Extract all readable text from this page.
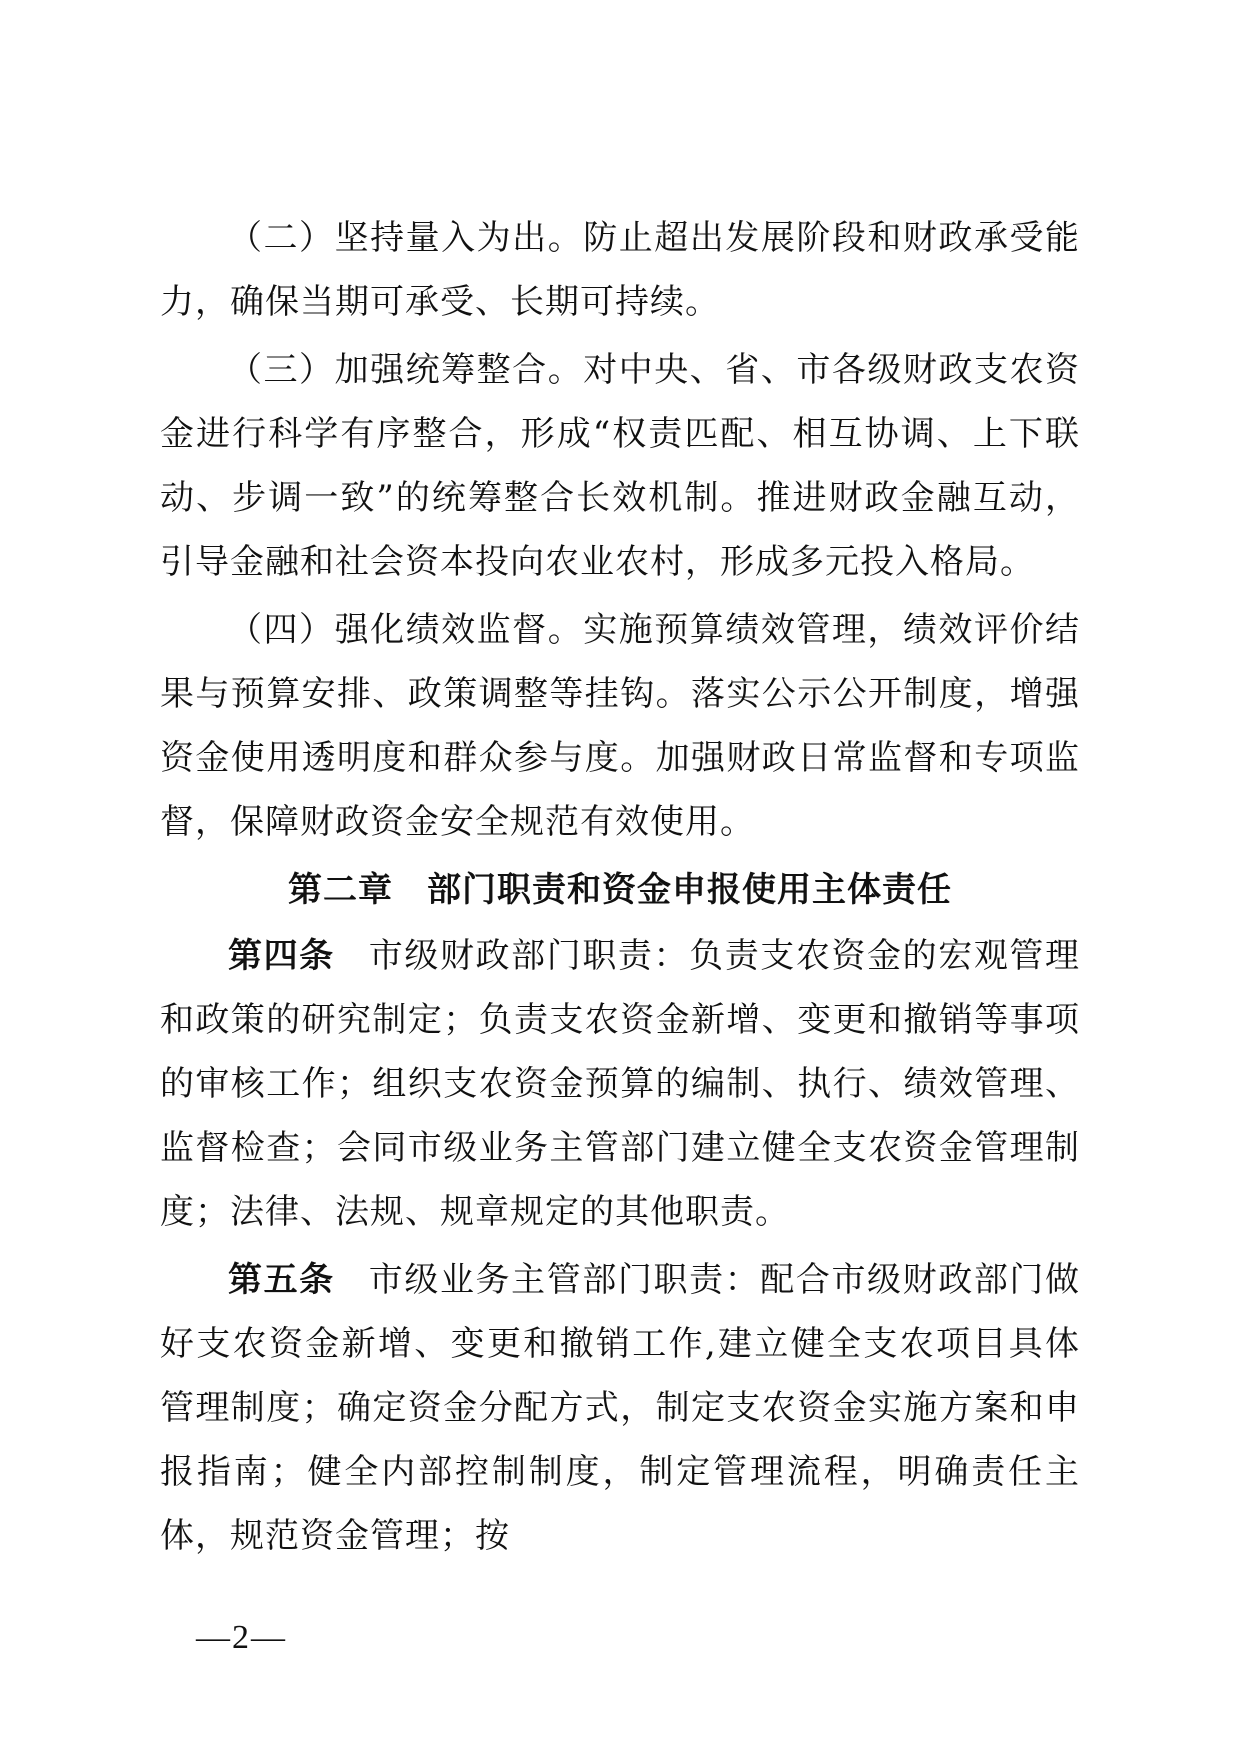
（二）坚持量入为出。防止超出发展阶段和财政承受能力，确保当期可承受、长期可持续。

（三）加强统筹整合。对中央、省、市各级财政支农资金进行科学有序整合，形成“权责匹配、相互协调、上下联动、步调一致”的统筹整合长效机制。推进财政金融互动，引导金融和社会资本投向农业农村，形成多元投入格局。

（四）强化绩效监督。实施预算绩效管理，绩效评价结果与预算安排、政策调整等挂钩。落实公示公开制度，增强资金使用透明度和群众参与度。加强财政日常监督和专项监督，保障财政资金安全规范有效使用。

第二章 部门职责和资金申报使用主体责任

第四条 市级财政部门职责：负责支农资金的宏观管理和政策的研究制定；负责支农资金新增、变更和撤销等事项的审核工作；组织支农资金预算的编制、执行、绩效管理、监督检查；会同市级业务主管部门建立健全支农资金管理制度；法律、法规、规章规定的其他职责。

第五条 市级业务主管部门职责：配合市级财政部门做好支农资金新增、变更和撤销工作,建立健全支农项目具体管理制度；确定资金分配方式，制定支农资金实施方案和申报指南；健全内部控制制度，制定管理流程，明确责任主体，规范资金管理；按

—2—
